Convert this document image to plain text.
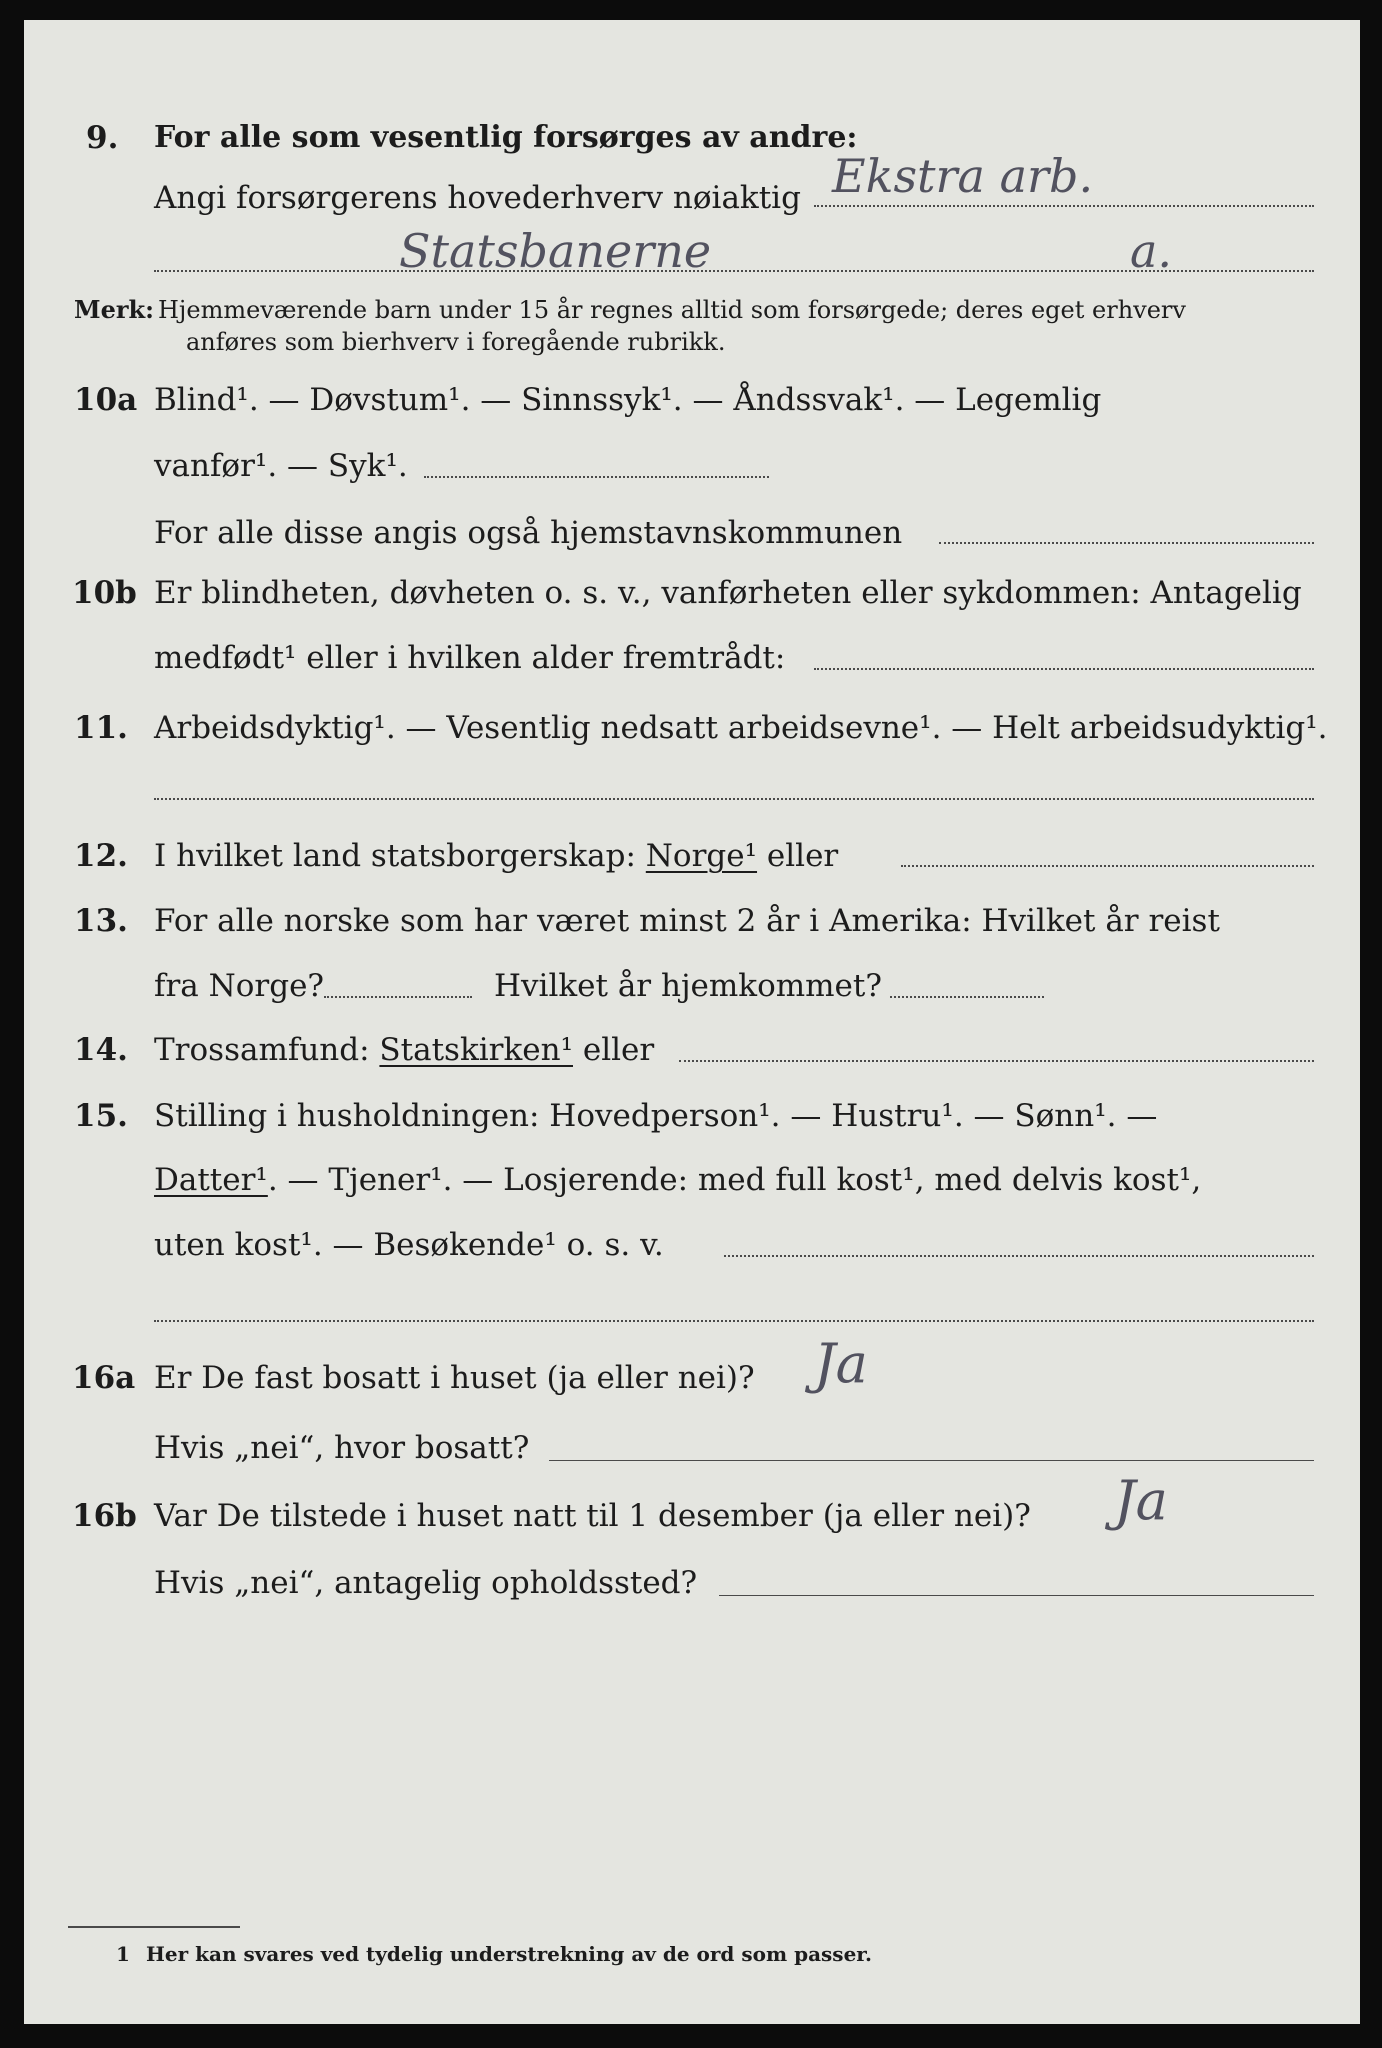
9. For alle som vesentlig forsørges av andre:
Angi forsørgerens hovederhverv nøiaktig Ekstra arb.
Statsbanerne	a.
Merk: Hjemmeværende barn under 15 år regnes alltid som forsørgede; deres eget erhverv
anføres som bierhverv i foregående rubrikk.
10a Blind¹. — Døvstum¹. — Sinnssyk¹. — Åndssvak¹. — Legemlig
vanfør¹. — Syk¹.
For alle disse angis også hjemstavnskommunen
10b Er blindheten, døvheten o. s. v., vanførheten eller sykdommen: Antagelig
medfødt¹ eller i hvilken alder fremtrådt:
11. Arbeidsdyktig¹. — Vesentlig nedsatt arbeidsevne¹. — Helt arbeidsudyktig¹.
12. I hvilket land statsborgerskap: Norge¹ eller
13. For alle norske som har været minst 2 år i Amerika: Hvilket år reist
fra Norge?	Hvilket år hjemkommet?
14. Trossamfund: Statskirken¹ eller
15. Stilling i husholdningen: Hovedperson¹. — Hustru¹. — Sønn¹. —
Datter¹. — Tjener¹. — Losjerende: med full kost¹, med delvis kost¹,
uten kost¹. — Besøkende¹ o. s. v.
16a Er De fast bosatt i huset (ja eller nei)? Ja
Hvis „nei“, hvor bosatt?
16b Var De tilstede i huset natt til 1 desember (ja eller nei)? Ja
Hvis „nei“, antagelig opholdssted?
1 Her kan svares ved tydelig understrekning av de ord som passer.
